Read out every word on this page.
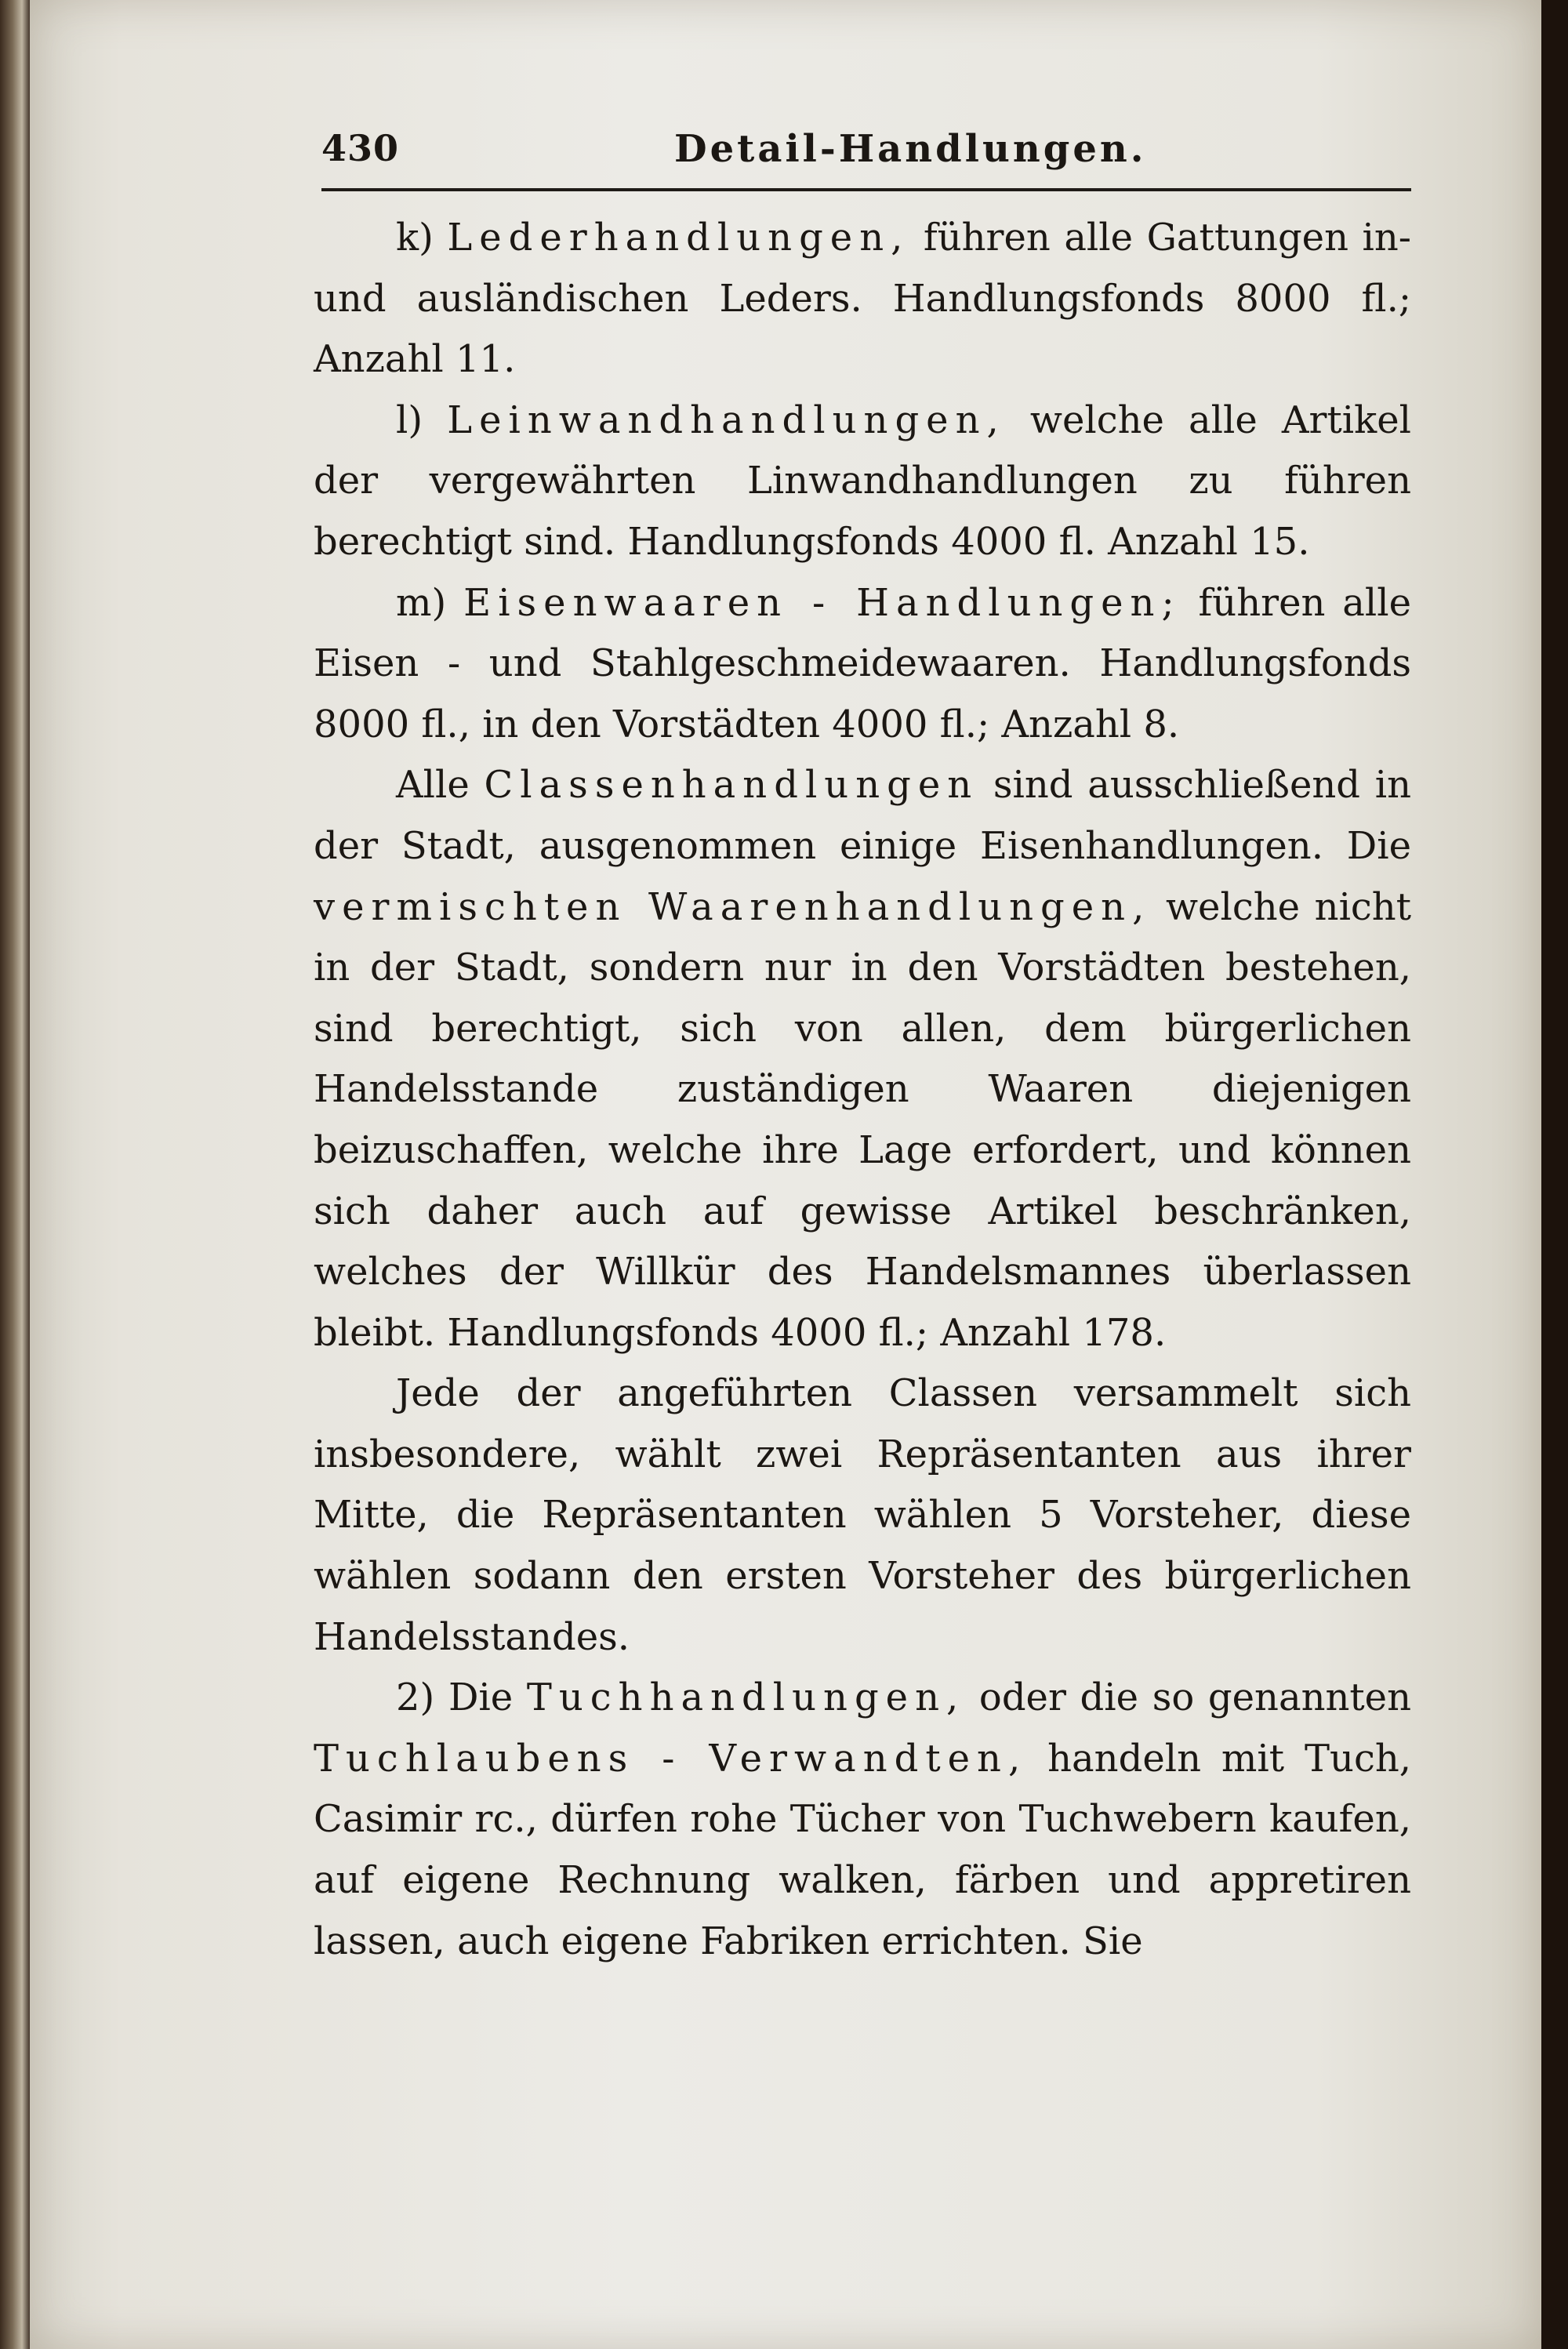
430	Detail-Handlungen.

k) Lederhandlungen, führen alle Gattungen in- und ausländischen Leders. Handlungsfonds 8000 fl.; Anzahl 11.

l) Leinwandhandlungen, welche alle Artikel der vergewährten Linwandhandlungen zu führen berechtigt sind. Handlungsfonds 4000 fl. Anzahl 15.

m) Eisenwaaren - Handlungen; führen alle Eisen - und Stahlgeschmeidewaaren. Handlungsfonds 8000 fl., in den Vorstädten 4000 fl.; Anzahl 8.

Alle Classenhandlungen sind ausschließend in der Stadt, ausgenommen einige Eisenhandlungen. Die vermischten Waarenhandlungen, welche nicht in der Stadt, sondern nur in den Vorstädten bestehen, sind berechtigt, sich von allen, dem bürgerlichen Handelsstande zuständigen Waaren diejenigen beizuschaffen, welche ihre Lage erfordert, und können sich daher auch auf gewisse Artikel beschränken, welches der Willkür des Handelsmannes überlassen bleibt. Handlungsfonds 4000 fl.; Anzahl 178.

Jede der angeführten Classen versammelt sich insbesondere, wählt zwei Repräsentanten aus ihrer Mitte, die Repräsentanten wählen 5 Vorsteher, diese wählen sodann den ersten Vorsteher des bürgerlichen Handelsstandes.

2) Die Tuchhandlungen, oder die so genannten Tuchlaubens - Verwandten, handeln mit Tuch, Casimir rc., dürfen rohe Tücher von Tuchwebern kaufen, auf eigene Rechnung walken, färben und appretiren lassen, auch eigene Fabriken errichten. Sie
